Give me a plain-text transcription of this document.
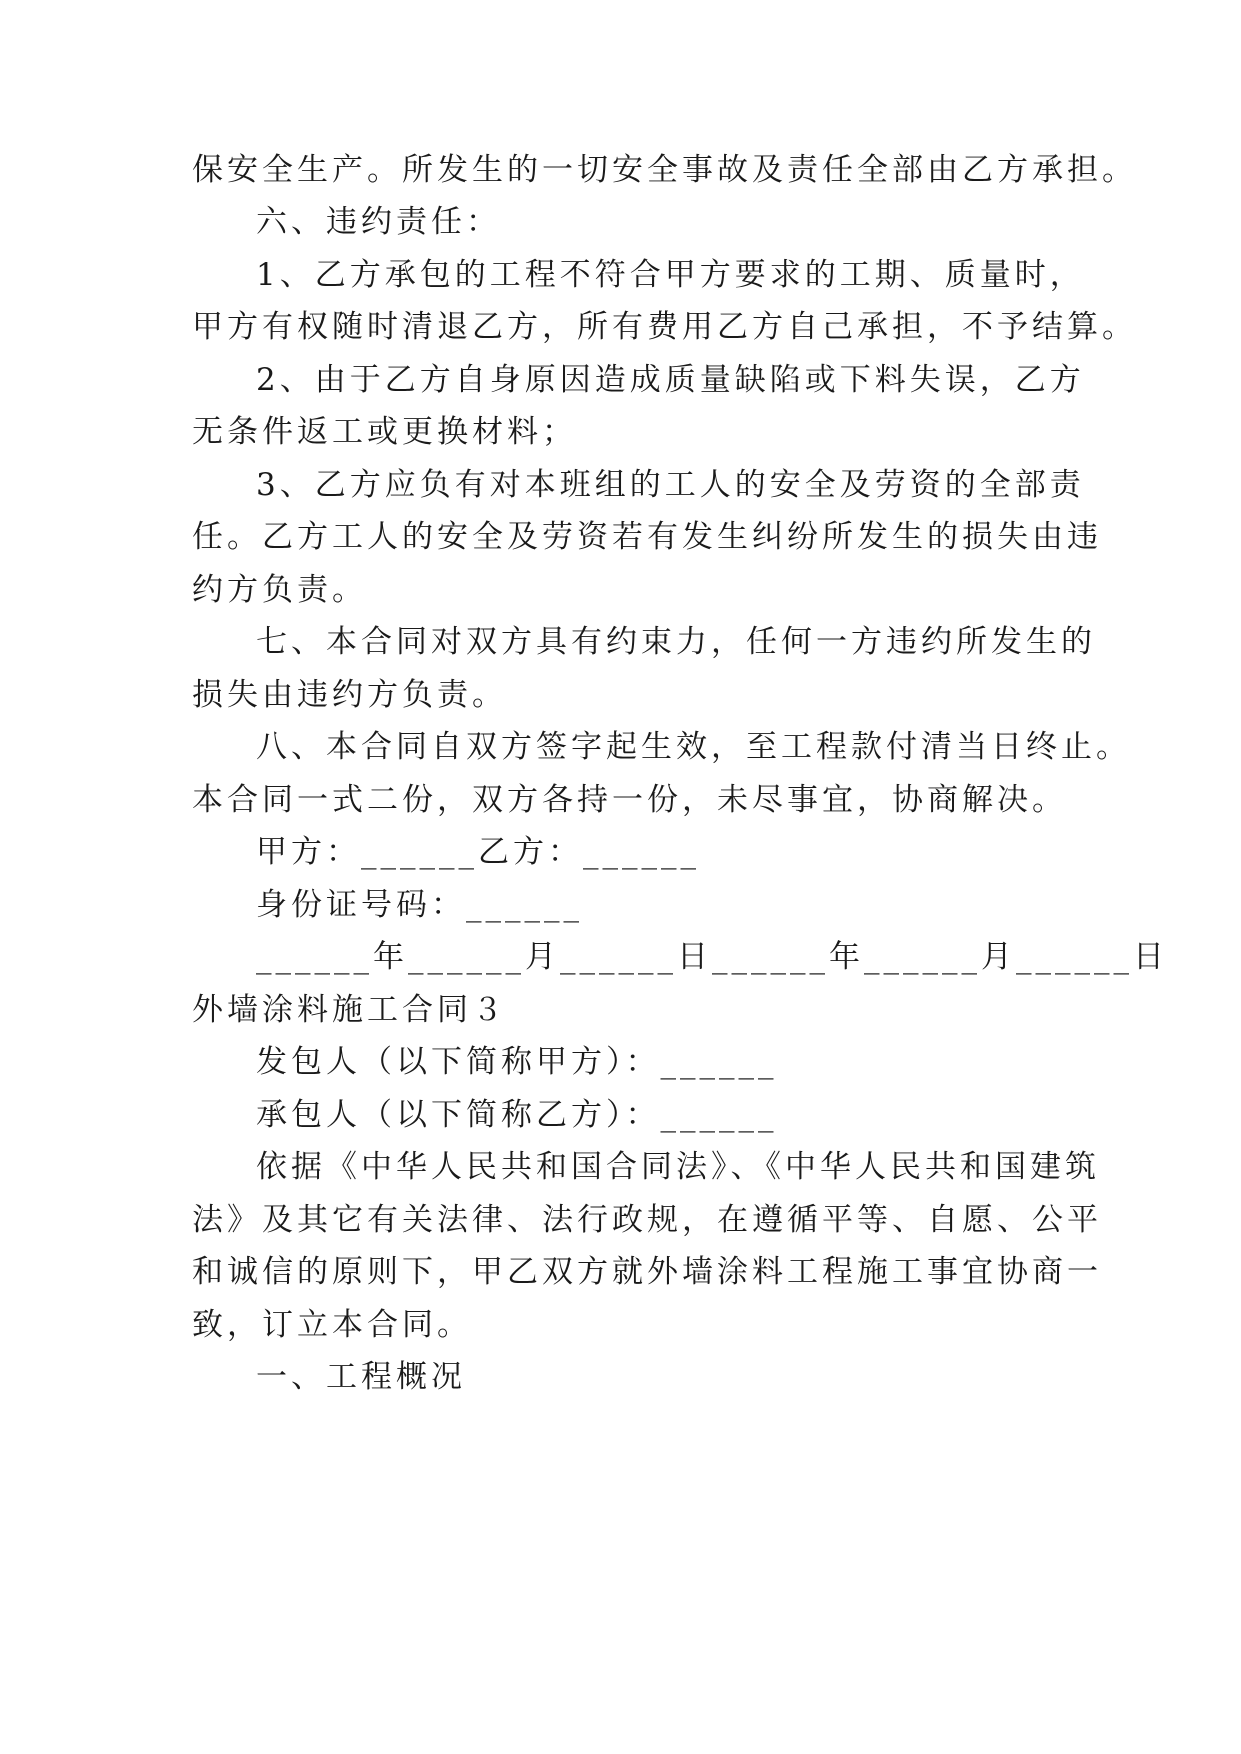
保安全生产。所发生的一切安全事故及责任全部由乙方承担。

六、违约责任：

1、乙方承包的工程不符合甲方要求的工期、质量时，

甲方有权随时清退乙方，所有费用乙方自己承担，不予结算。

2、由于乙方自身原因造成质量缺陷或下料失误，乙方

无条件返工或更换材料；

3、乙方应负有对本班组的工人的安全及劳资的全部责

任。乙方工人的安全及劳资若有发生纠纷所发生的损失由违

约方负责。

七、本合同对双方具有约束力，任何一方违约所发生的

损失由违约方负责。

八、本合同自双方签字起生效，至工程款付清当日终止。

本合同一式二份，双方各持一份，未尽事宜，协商解决。

甲方：______乙方：______

身份证号码：______

______年______月______日______年______月______日

外墙涂料施工合同３

发包人（以下简称甲方）：______

承包人（以下简称乙方）：______

依据《中华人民共和国合同法》、《中华人民共和国建筑

法》及其它有关法律、法行政规，在遵循平等、自愿、公平

和诚信的原则下，甲乙双方就外墙涂料工程施工事宜协商一

致，订立本合同。

一、工程概况
